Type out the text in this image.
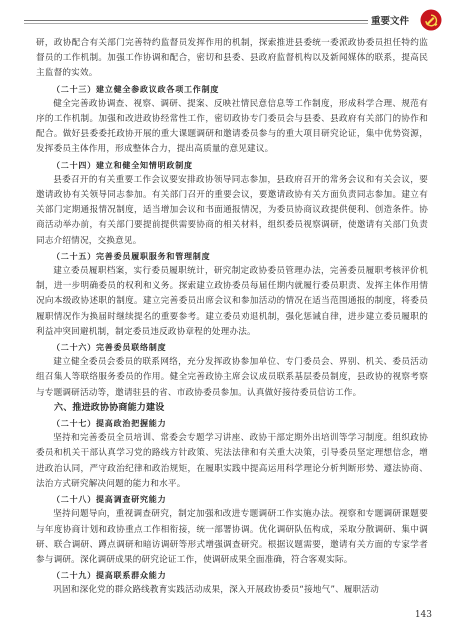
重要文件

研，政协配合有关部门完善特约监督员发挥作用的机制，探索推进县委统一委派政协委员担任特约监督员的工作机制。加强工作协调和配合，密切和县委、县政府监督机构以及新闻媒体的联系，提高民主监督的实效。

（二十三）建立健全参政议政各项工作制度

健全完善政协调查、视察、调研、提案、反映社情民意信息等工作制度，形成科学合理、规范有序的工作机制。加强和改进政协经常性工作，密切政协专门委员会与县委、县政府有关部门的协作和配合。做好县委委托政协开展的重大课题调研和邀请委员参与的重大项目研究论证，集中优势资源，发挥委员主体作用，形成整体合力，提出高质量的意见建议。

（二十四）建立和健全知情明政制度

县委召开的有关重要工作会议要安排政协领导同志参加，县政府召开的常务会议和有关会议，要邀请政协有关领导同志参加。有关部门召开的重要会议，要邀请政协有关方面负责同志参加。建立有关部门定期通报情况制度，适当增加会议和书面通报情况，为委员协商议政提供便利、创造条件。协商活动举办前，有关部门要提前提供需要协商的相关材料，组织委员视察调研，使邀请有关部门负责同志介绍情况，交换意见。

（二十五）完善委员履职服务和管理制度

建立委员履职档案，实行委员履职统计，研究制定政协委员管理办法，完善委员履职考核评价机制，进一步明确委员的权利和义务。探索建立政协委员每届任期内就履行委员职责、发挥主体作用情况向本级政协述职的制度。建立完善委员出席会议和参加活动的情况在适当范围通报的制度，将委员履职情况作为换届时继续提名的重要参考。建立委员劝退机制，强化惩诫自律，进步建立委员履职的利益冲突回避机制，制定委员违反政协章程的处理办法。

（二十六）完善委员联络制度

建立健全委员会委员的联系网络，充分发挥政协参加单位、专门委员会、界别、机关、委员活动组召集人等联络服务委员的作用。健全完善政协主席会议成员联系基层委员制度，县政协的视察考察与专题调研活动等，邀请驻县的省、市政协委员参加。认真做好接待委员信访工作。

六、推进政协协商能力建设

（二十七）提高政治把握能力

坚持和完善委员全员培训、常委会专题学习讲座、政协干部定期外出培训等学习制度。组织政协委员和机关干部认真学习党的路线方针政策、宪法法律和有关重大决策，引导委员坚定理想信念，增进政治认同，严守政治纪律和政治规矩，在履职实践中提高运用科学理论分析判断形势、遵法协商、法治方式研究解决问题的能力和水平。

（二十八）提高调查研究能力

坚持问题导向，重视调查研究，制定加强和改进专题调研工作实施办法。视察和专题调研课题要与年度协商计划和政协重点工作相衔接，统一部署协调。优化调研队伍构成，采取分散调研、集中调研、联合调研、蹲点调研和暗访调研等形式增强调查研究。根据议题需要，邀请有关方面的专家学者参与调研。深化调研成果的研究论证工作，使调研成果全面准确，符合客观实际。

（二十九）提高联系群众能力

巩固和深化党的群众路线教育实践活动成果，深入开展政协委员“接地气”、履职活动

143
